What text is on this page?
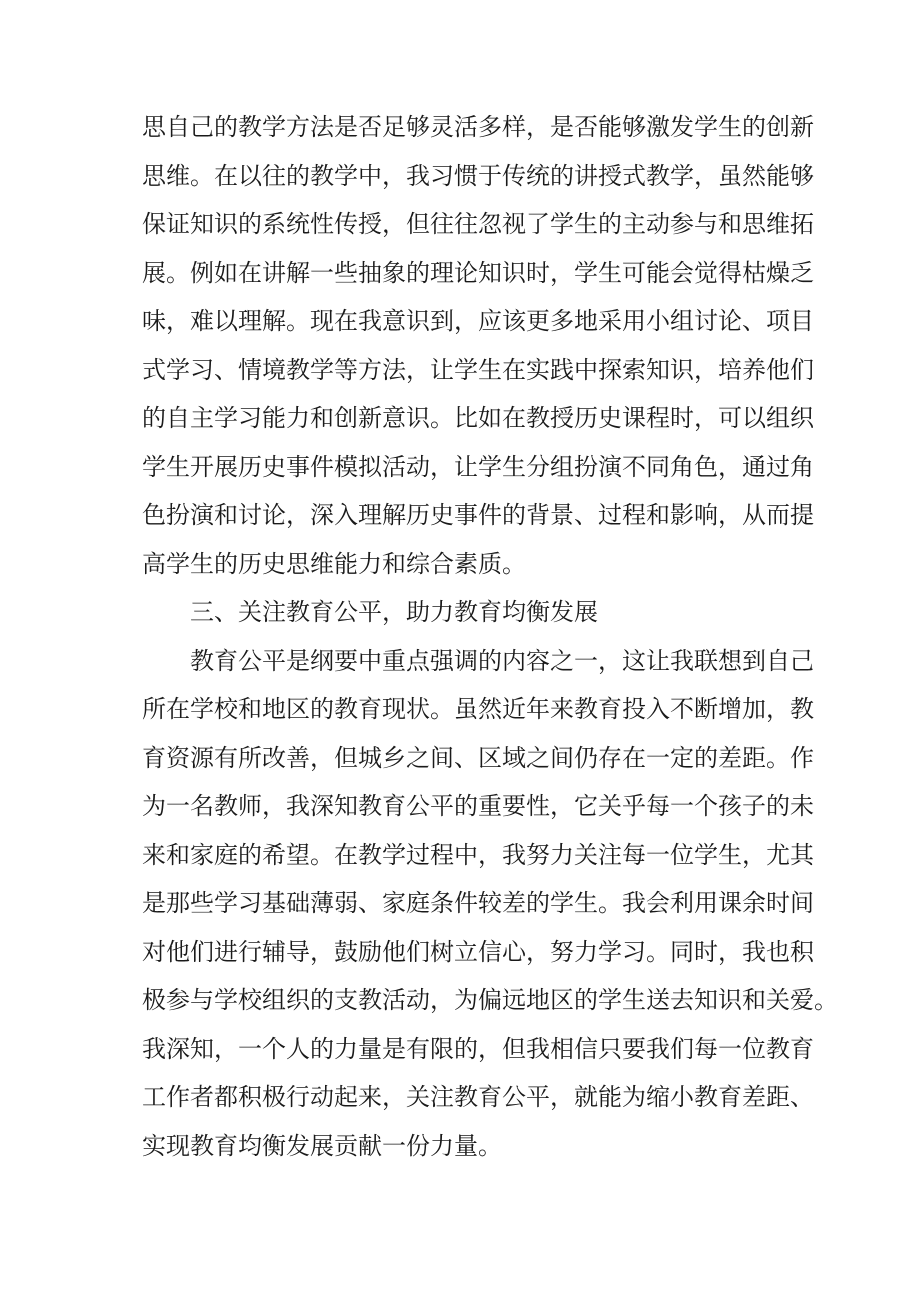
思自己的教学方法是否足够灵活多样，是否能够激发学生的创新
思维。在以往的教学中，我习惯于传统的讲授式教学，虽然能够
保证知识的系统性传授，但往往忽视了学生的主动参与和思维拓
展。例如在讲解一些抽象的理论知识时，学生可能会觉得枯燥乏
味，难以理解。现在我意识到，应该更多地采用小组讨论、项目
式学习、情境教学等方法，让学生在实践中探索知识，培养他们
的自主学习能力和创新意识。比如在教授历史课程时，可以组织
学生开展历史事件模拟活动，让学生分组扮演不同角色，通过角
色扮演和讨论，深入理解历史事件的背景、过程和影响，从而提
高学生的历史思维能力和综合素质。
三、关注教育公平，助力教育均衡发展
教育公平是纲要中重点强调的内容之一，这让我联想到自己
所在学校和地区的教育现状。虽然近年来教育投入不断增加，教
育资源有所改善，但城乡之间、区域之间仍存在一定的差距。作
为一名教师，我深知教育公平的重要性，它关乎每一个孩子的未
来和家庭的希望。在教学过程中，我努力关注每一位学生，尤其
是那些学习基础薄弱、家庭条件较差的学生。我会利用课余时间
对他们进行辅导，鼓励他们树立信心，努力学习。同时，我也积
极参与学校组织的支教活动，为偏远地区的学生送去知识和关爱。
我深知，一个人的力量是有限的，但我相信只要我们每一位教育
工作者都积极行动起来，关注教育公平，就能为缩小教育差距、
实现教育均衡发展贡献一份力量。
